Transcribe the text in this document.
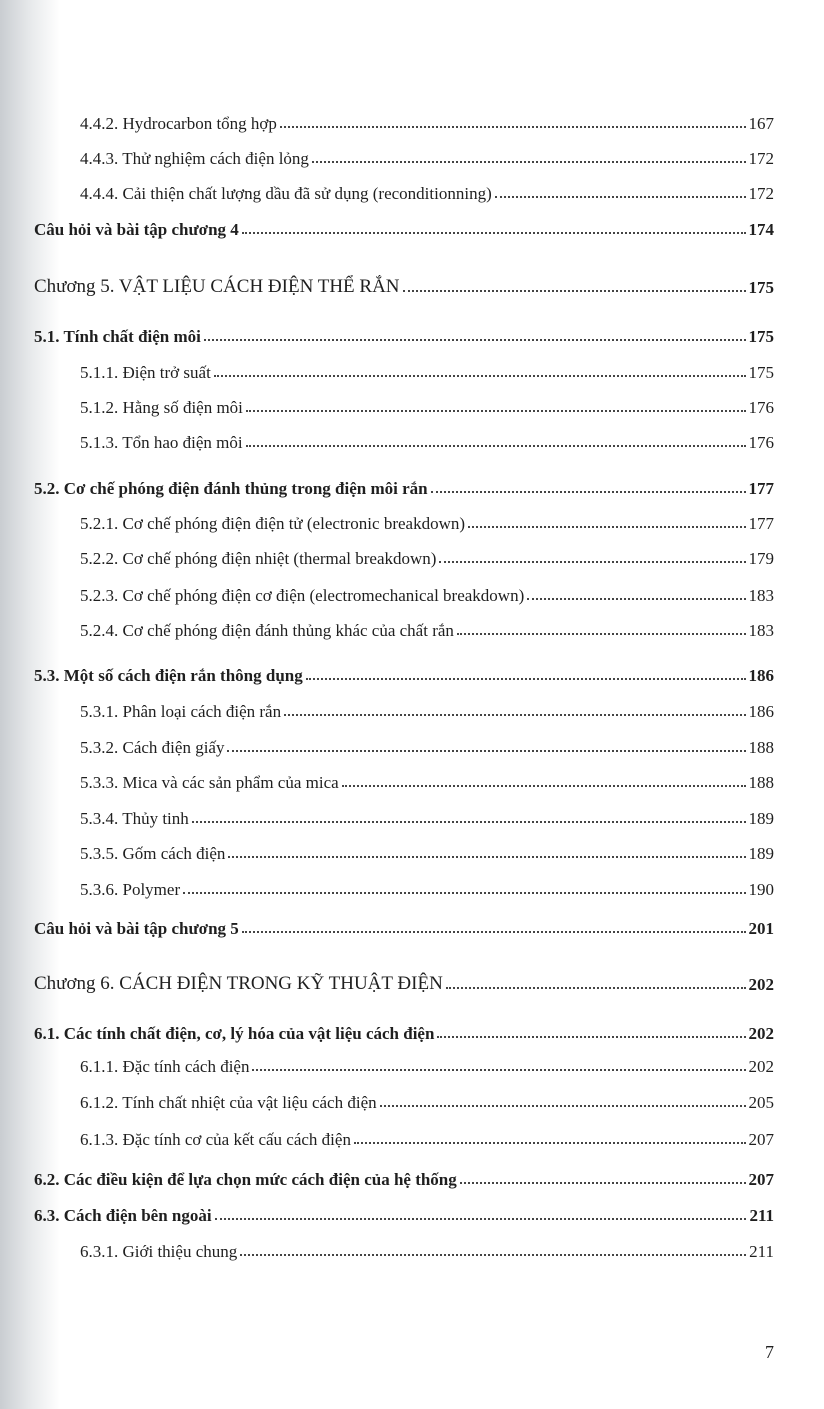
4.4.2. Hydrocarbon tổng hợp	167
4.4.3. Thử nghiệm cách điện lỏng	172
4.4.4. Cải thiện chất lượng dầu đã sử dụng (reconditionning)	172
Câu hỏi và bài tập chương 4	174
Chương 5. VẬT LIỆU CÁCH ĐIỆN THỂ RẮN	175
5.1. Tính chất điện môi	175
5.1.1. Điện trở suất	175
5.1.2. Hằng số điện môi	176
5.1.3. Tổn hao điện môi	176
5.2. Cơ chế phóng điện đánh thủng trong điện môi rắn	177
5.2.1. Cơ chế phóng điện điện tử (electronic breakdown)	177
5.2.2. Cơ chế phóng điện nhiệt (thermal breakdown)	179
5.2.3. Cơ chế phóng điện cơ điện (electromechanical breakdown)	183
5.2.4. Cơ chế phóng điện đánh thủng khác của chất rắn	183
5.3. Một số cách điện rắn thông dụng	186
5.3.1. Phân loại cách điện rắn	186
5.3.2. Cách điện giấy	188
5.3.3. Mica và các sản phẩm của mica	188
5.3.4. Thủy tinh	189
5.3.5. Gốm cách điện	189
5.3.6. Polymer	190
Câu hỏi và bài tập chương 5	201
Chương 6. CÁCH ĐIỆN TRONG KỸ THUẬT ĐIỆN	202
6.1. Các tính chất điện, cơ, lý hóa của vật liệu cách điện	202
6.1.1. Đặc tính cách điện	202
6.1.2. Tính chất nhiệt của vật liệu cách điện	205
6.1.3. Đặc tính cơ của kết cấu cách điện	207
6.2. Các điều kiện để lựa chọn mức cách điện của hệ thống	207
6.3. Cách điện bên ngoài	211
6.3.1. Giới thiệu chung	211
7
